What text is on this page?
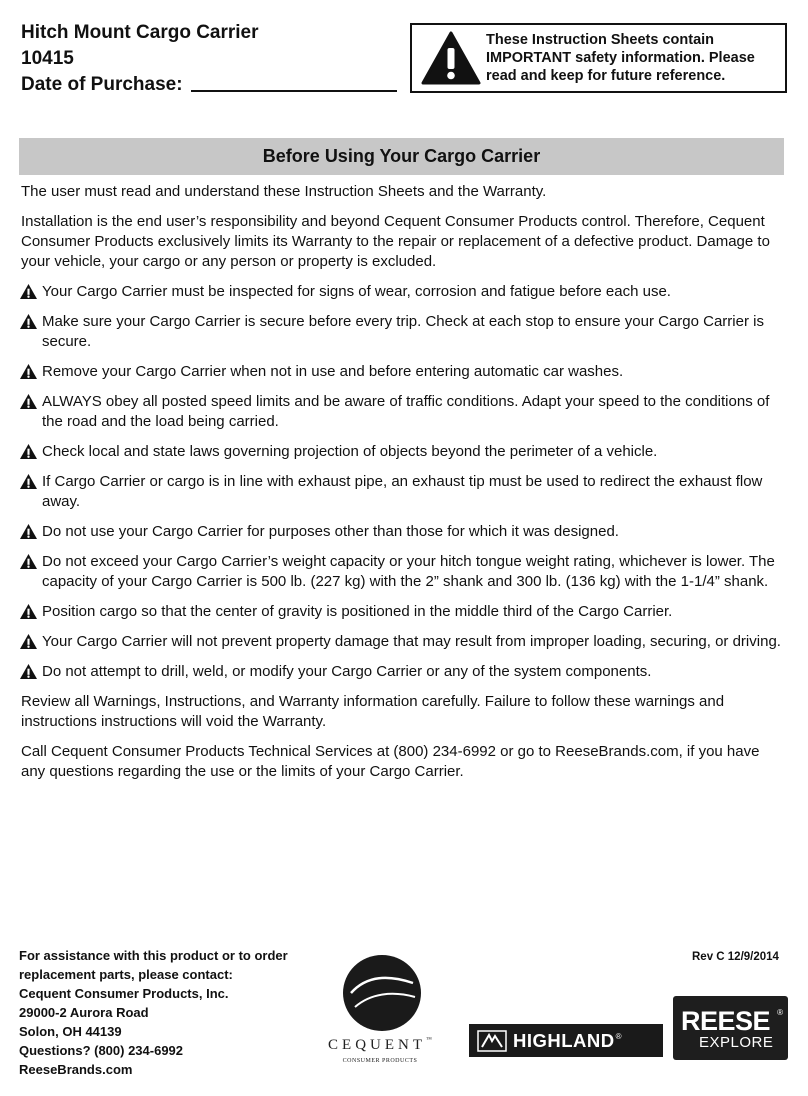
Hitch Mount Cargo Carrier
10415
Date of Purchase:
These Instruction Sheets contain IMPORTANT safety information. Please read and keep for future reference.
Before Using Your Cargo Carrier

The user must read and understand these Instruction Sheets and the Warranty.

Installation is the end user’s responsibility and beyond Cequent Consumer Products control. Therefore, Cequent Consumer Products exclusively limits its Warranty to the repair or replacement of a defective product. Damage to your vehicle, your cargo or any person or property is excluded.

Your Cargo Carrier must be inspected for signs of wear, corrosion and fatigue before each use.
Make sure your Cargo Carrier is secure before every trip. Check at each stop to ensure your Cargo Carrier is secure.
Remove your Cargo Carrier when not in use and before entering automatic car washes.
ALWAYS obey all posted speed limits and be aware of traffic conditions. Adapt your speed to the conditions of the road and the load being carried.
Check local and state laws governing projection of objects beyond the perimeter of a vehicle.
If Cargo Carrier or cargo is in line with exhaust pipe, an exhaust tip must be used to redirect the exhaust flow away.
Do not use your Cargo Carrier for purposes other than those for which it was designed.
Do not exceed your Cargo Carrier’s weight capacity or your hitch tongue weight rating, whichever is lower. The capacity of your Cargo Carrier is 500 lb. (227 kg) with the 2” shank and 300 lb. (136 kg) with the 1-1/4” shank.
Position cargo so that the center of gravity is positioned in the middle third of the Cargo Carrier.
Your Cargo Carrier will not prevent property damage that may result from improper loading, securing, or driving.
Do not attempt to drill, weld, or modify your Cargo Carrier or any of the system components.

Review all Warnings, Instructions, and Warranty information carefully. Failure to follow these warnings and instructions instructions will void the Warranty.

Call Cequent Consumer Products Technical Services at (800) 234-6992 or go to ReeseBrands.com, if you have any questions regarding the use or the limits of your Cargo Carrier.

For assistance with this product or to order
replacement parts, please contact:
Cequent Consumer Products, Inc.
29000-2 Aurora Road
Solon, OH 44139
Questions? (800) 234-6992
ReeseBrands.com
Rev C 12/9/2014
CEQUENT™
CONSUMER PRODUCTS
HIGHLAND ®
REESE ®
EXPLORE
